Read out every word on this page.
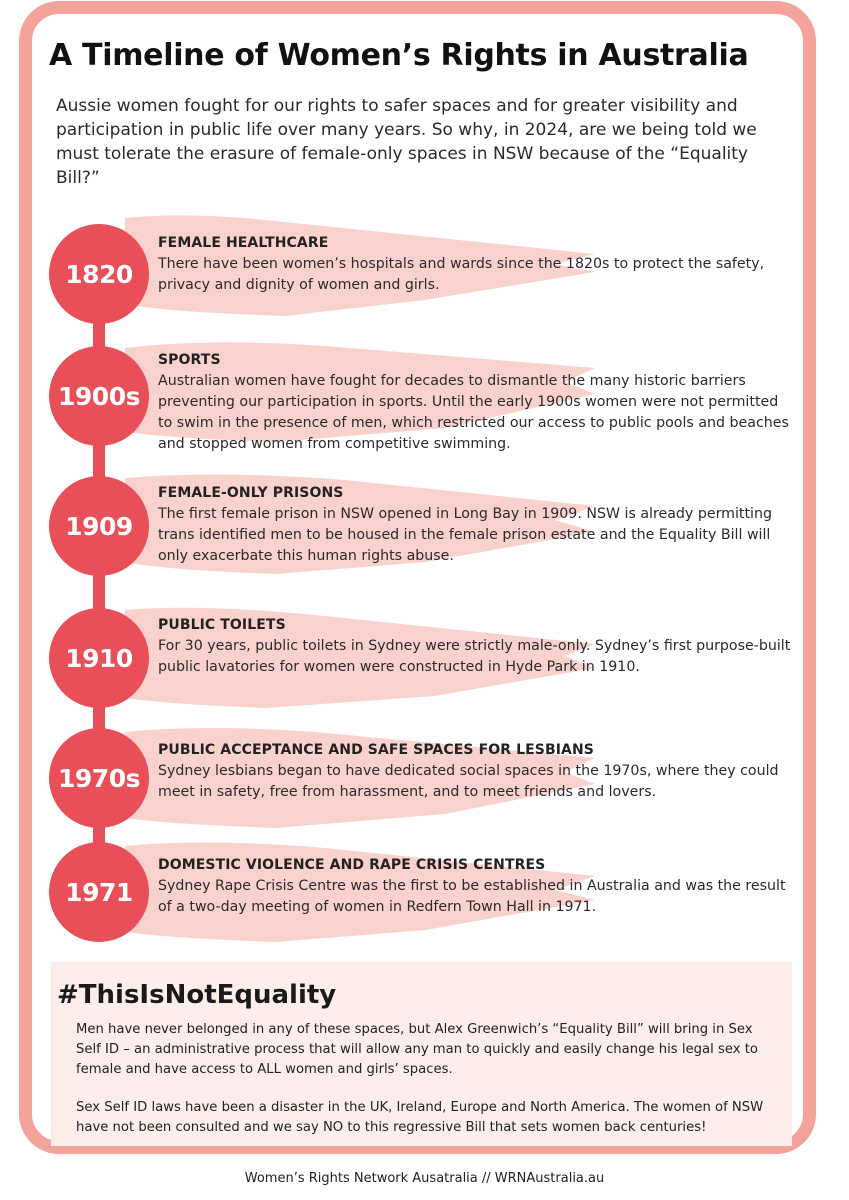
A Timeline of Women’s Rights in Australia

Aussie women fought for our rights to safer spaces and for greater visibility and participation in public life over many years. So why, in 2024, are we being told we must tolerate the erasure of female-only spaces in NSW because of the “Equality Bill?”

1820
1900s
1909
1910
1970s
1971
FEMALE HEALTHCARE

There have been women’s hospitals and wards since the 1820s to protect the safety, privacy and dignity of women and girls.

SPORTS

Australian women have fought for decades to dismantle the many historic barriers preventing our participation in sports. Until the early 1900s women were not permitted to swim in the presence of men, which restricted our access to public pools and beaches and stopped women from competitive swimming.

FEMALE-ONLY PRISONS

The first female prison in NSW opened in Long Bay in 1909. NSW is already permitting trans identified men to be housed in the female prison estate and the Equality Bill will only exacerbate this human rights abuse.

PUBLIC TOILETS

For 30 years, public toilets in Sydney were strictly male-only. Sydney’s first purpose-built public lavatories for women were constructed in Hyde Park in 1910.

PUBLIC ACCEPTANCE AND SAFE SPACES FOR LESBIANS

Sydney lesbians began to have dedicated social spaces in the 1970s, where they could meet in safety, free from harassment, and to meet friends and lovers.

DOMESTIC VIOLENCE AND RAPE CRISIS CENTRES

Sydney Rape Crisis Centre was the first to be established in Australia and was the result of a two-day meeting of women in Redfern Town Hall in 1971.

#ThisIsNotEquality

Men have never belonged in any of these spaces, but Alex Greenwich’s “Equality Bill” will bring in Sex Self ID – an administrative process that will allow any man to quickly and easily change his legal sex to female and have access to ALL women and girls’ spaces.

Sex Self ID laws have been a disaster in the UK, Ireland, Europe and North America. The women of NSW have not been consulted and we say NO to this regressive Bill that sets women back centuries!

Women’s Rights Network Ausatralia // WRNAustralia.au
